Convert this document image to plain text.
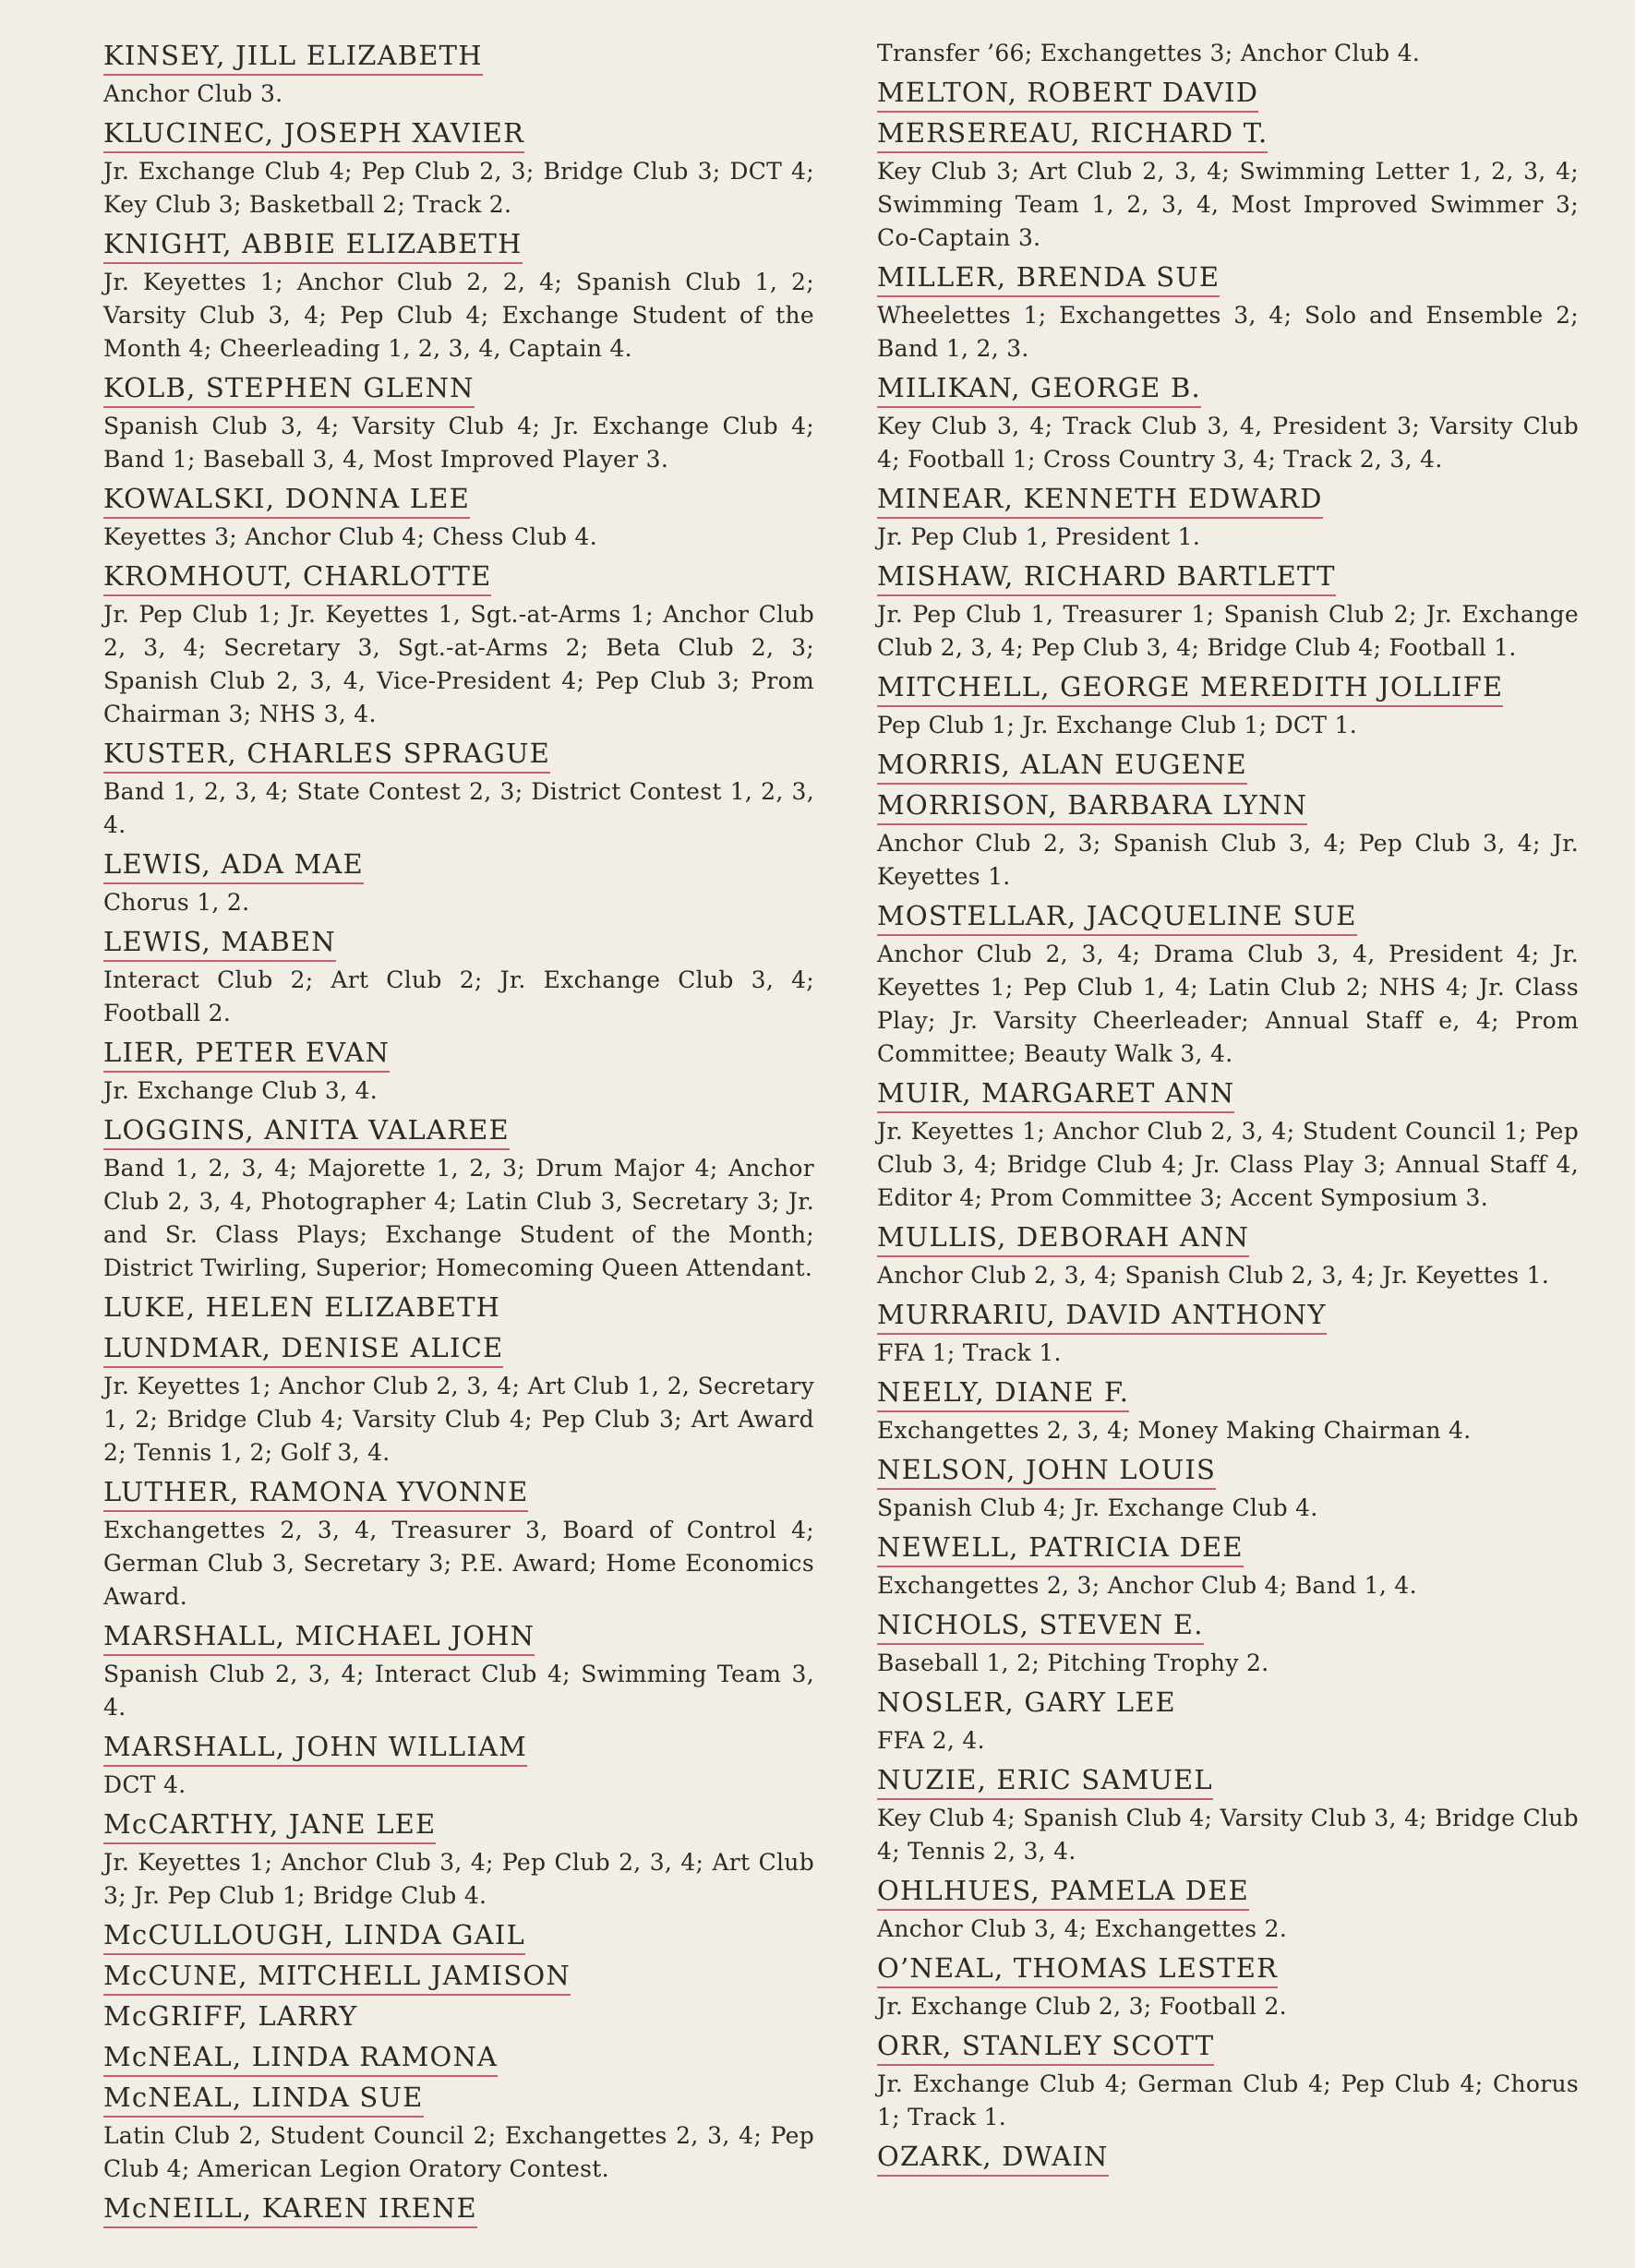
KINSEY, JILL ELIZABETH

Anchor Club 3.

KLUCINEC, JOSEPH XAVIER

Jr. Exchange Club 4; Pep Club 2, 3; Bridge Club 3; DCT 4; Key Club 3; Basketball 2; Track 2.

KNIGHT, ABBIE ELIZABETH

Jr. Keyettes 1; Anchor Club 2, 2, 4; Spanish Club 1, 2; Varsity Club 3, 4; Pep Club 4; Exchange Student of the Month 4; Cheerleading 1, 2, 3, 4, Captain 4.

KOLB, STEPHEN GLENN

Spanish Club 3, 4; Varsity Club 4; Jr. Exchange Club 4; Band 1; Baseball 3, 4, Most Improved Player 3.

KOWALSKI, DONNA LEE

Keyettes 3; Anchor Club 4; Chess Club 4.

KROMHOUT, CHARLOTTE

Jr. Pep Club 1; Jr. Keyettes 1, Sgt.-at-Arms 1; Anchor Club 2, 3, 4; Secretary 3, Sgt.-at-Arms 2; Beta Club 2, 3; Spanish Club 2, 3, 4, Vice-President 4; Pep Club 3; Prom Chairman 3; NHS 3, 4.

KUSTER, CHARLES SPRAGUE

Band 1, 2, 3, 4; State Contest 2, 3; District Contest 1, 2, 3, 4.

LEWIS, ADA MAE

Chorus 1, 2.

LEWIS, MABEN

Interact Club 2; Art Club 2; Jr. Exchange Club 3, 4; Football 2.

LIER, PETER EVAN

Jr. Exchange Club 3, 4.

LOGGINS, ANITA VALAREE

Band 1, 2, 3, 4; Majorette 1, 2, 3; Drum Major 4; Anchor Club 2, 3, 4, Photographer 4; Latin Club 3, Secretary 3; Jr. and Sr. Class Plays; Exchange Student of the Month; District Twirling, Superior; Homecoming Queen Attendant.

LUKE, HELEN ELIZABETH
LUNDMAR, DENISE ALICE

Jr. Keyettes 1; Anchor Club 2, 3, 4; Art Club 1, 2, Secretary 1, 2; Bridge Club 4; Varsity Club 4; Pep Club 3; Art Award 2; Tennis 1, 2; Golf 3, 4.

LUTHER, RAMONA YVONNE

Exchangettes 2, 3, 4, Treasurer 3, Board of Control 4; German Club 3, Secretary 3; P.E. Award; Home Economics Award.

MARSHALL, MICHAEL JOHN

Spanish Club 2, 3, 4; Interact Club 4; Swimming Team 3, 4.

MARSHALL, JOHN WILLIAM

DCT 4.

McCARTHY, JANE LEE

Jr. Keyettes 1; Anchor Club 3, 4; Pep Club 2, 3, 4; Art Club 3; Jr. Pep Club 1; Bridge Club 4.

McCULLOUGH, LINDA GAIL
McCUNE, MITCHELL JAMISON
McGRIFF, LARRY
McNEAL, LINDA RAMONA
McNEAL, LINDA SUE

Latin Club 2, Student Council 2; Exchangettes 2, 3, 4; Pep Club 4; American Legion Oratory Contest.

McNEILL, KAREN IRENE

Transfer ’66; Exchangettes 3; Anchor Club 4.

MELTON, ROBERT DAVID
MERSEREAU, RICHARD T.

Key Club 3; Art Club 2, 3, 4; Swimming Letter 1, 2, 3, 4; Swimming Team 1, 2, 3, 4, Most Improved Swimmer 3; Co-Captain 3.

MILLER, BRENDA SUE

Wheelettes 1; Exchangettes 3, 4; Solo and Ensemble 2; Band 1, 2, 3.

MILIKAN, GEORGE B.

Key Club 3, 4; Track Club 3, 4, President 3; Varsity Club 4; Football 1; Cross Country 3, 4; Track 2, 3, 4.

MINEAR, KENNETH EDWARD

Jr. Pep Club 1, President 1.

MISHAW, RICHARD BARTLETT

Jr. Pep Club 1, Treasurer 1; Spanish Club 2; Jr. Exchange Club 2, 3, 4; Pep Club 3, 4; Bridge Club 4; Football 1.

MITCHELL, GEORGE MEREDITH JOLLIFE

Pep Club 1; Jr. Exchange Club 1; DCT 1.

MORRIS, ALAN EUGENE
MORRISON, BARBARA LYNN

Anchor Club 2, 3; Spanish Club 3, 4; Pep Club 3, 4; Jr. Keyettes 1.

MOSTELLAR, JACQUELINE SUE

Anchor Club 2, 3, 4; Drama Club 3, 4, President 4; Jr. Keyettes 1; Pep Club 1, 4; Latin Club 2; NHS 4; Jr. Class Play; Jr. Varsity Cheerleader; Annual Staff e, 4; Prom Committee; Beauty Walk 3, 4.

MUIR, MARGARET ANN

Jr. Keyettes 1; Anchor Club 2, 3, 4; Student Council 1; Pep Club 3, 4; Bridge Club 4; Jr. Class Play 3; Annual Staff 4, Editor 4; Prom Committee 3; Accent Symposium 3.

MULLIS, DEBORAH ANN

Anchor Club 2, 3, 4; Spanish Club 2, 3, 4; Jr. Keyettes 1.

MURRARIU, DAVID ANTHONY

FFA 1; Track 1.

NEELY, DIANE F.

Exchangettes 2, 3, 4; Money Making Chairman 4.

NELSON, JOHN LOUIS

Spanish Club 4; Jr. Exchange Club 4.

NEWELL, PATRICIA DEE

Exchangettes 2, 3; Anchor Club 4; Band 1, 4.

NICHOLS, STEVEN E.

Baseball 1, 2; Pitching Trophy 2.

NOSLER, GARY LEE

FFA 2, 4.

NUZIE, ERIC SAMUEL

Key Club 4; Spanish Club 4; Varsity Club 3, 4; Bridge Club 4; Tennis 2, 3, 4.

OHLHUES, PAMELA DEE

Anchor Club 3, 4; Exchangettes 2.

O’NEAL, THOMAS LESTER

Jr. Exchange Club 2, 3; Football 2.

ORR, STANLEY SCOTT

Jr. Exchange Club 4; German Club 4; Pep Club 4; Chorus 1; Track 1.

OZARK, DWAIN
